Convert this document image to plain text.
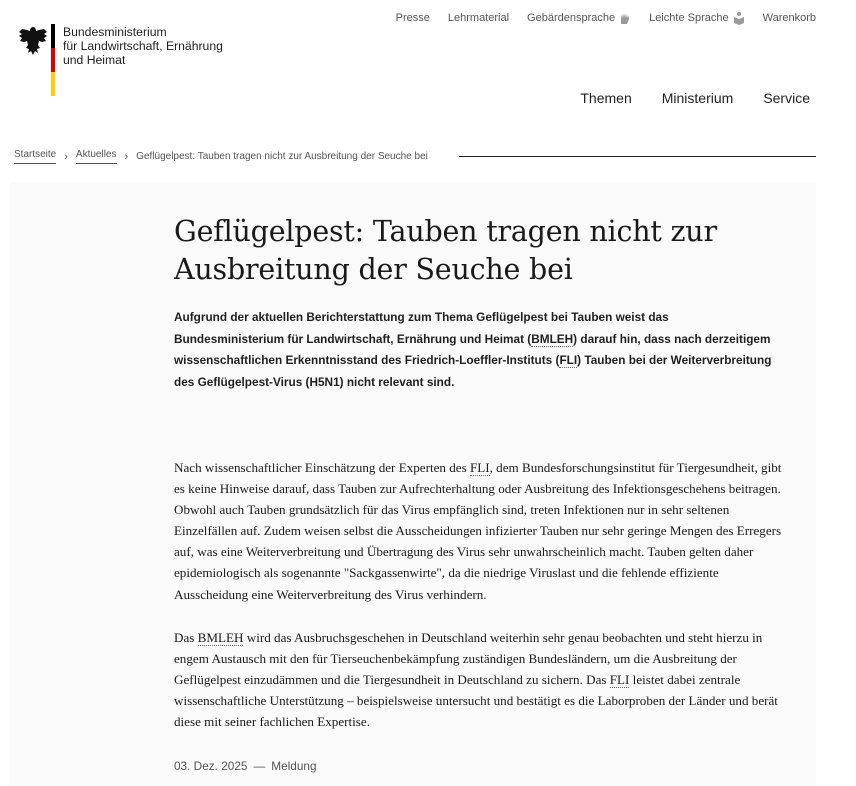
Bundesministerium
für Landwirtschaft, Ernährung
und Heimat
Presse Lehrmaterial Gebärdensprache	Leichte Sprache	Warenkorb
Themen Ministerium Service
Startseite › Aktuelles › Geflügelpest: Tauben tragen nicht zur Ausbreitung der Seuche bei
Geflügelpest: Tauben tragen nicht zur
Ausbreitung der Seuche bei

Aufgrund der aktuellen Berichterstattung zum Thema Geflügelpest bei Tauben weist das Bundesministerium für Landwirtschaft, Ernährung und Heimat (BMLEH) darauf hin, dass nach derzeitigem wissenschaftlichen Erkenntnisstand des Friedrich-Loeffler-Instituts (FLI) Tauben bei der Weiterverbreitung des Geflügelpest-Virus (H5N1) nicht relevant sind.

Nach wissenschaftlicher Einschätzung der Experten des FLI, dem Bundesforschungsinstitut für Tiergesundheit, gibt es keine Hinweise darauf, dass Tauben zur Aufrechterhaltung oder Ausbreitung des Infektionsgeschehens beitragen. Obwohl auch Tauben grundsätzlich für das Virus empfänglich sind, treten Infektionen nur in sehr seltenen Einzelfällen auf. Zudem weisen selbst die Ausscheidungen infizierter Tauben nur sehr geringe Mengen des Erregers auf, was eine Weiterverbreitung und Übertragung des Virus sehr unwahrscheinlich macht. Tauben gelten daher epidemiologisch als sogenannte "Sackgassenwirte", da die niedrige Viruslast und die fehlende effiziente Ausscheidung eine Weiterverbreitung des Virus verhindern.

Das BMLEH wird das Ausbruchsgeschehen in Deutschland weiterhin sehr genau beobachten und steht hierzu in engem Austausch mit den für Tierseuchenbekämpfung zuständigen Bundesländern, um die Ausbreitung der Geflügelpest einzudämmen und die Tiergesundheit in Deutschland zu sichern. Das FLI leistet dabei zentrale wissenschaftliche Unterstützung – beispielsweise untersucht und bestätigt es die Laborproben der Länder und berät diese mit seiner fachlichen Expertise.

03. Dez. 2025 — Meldung
